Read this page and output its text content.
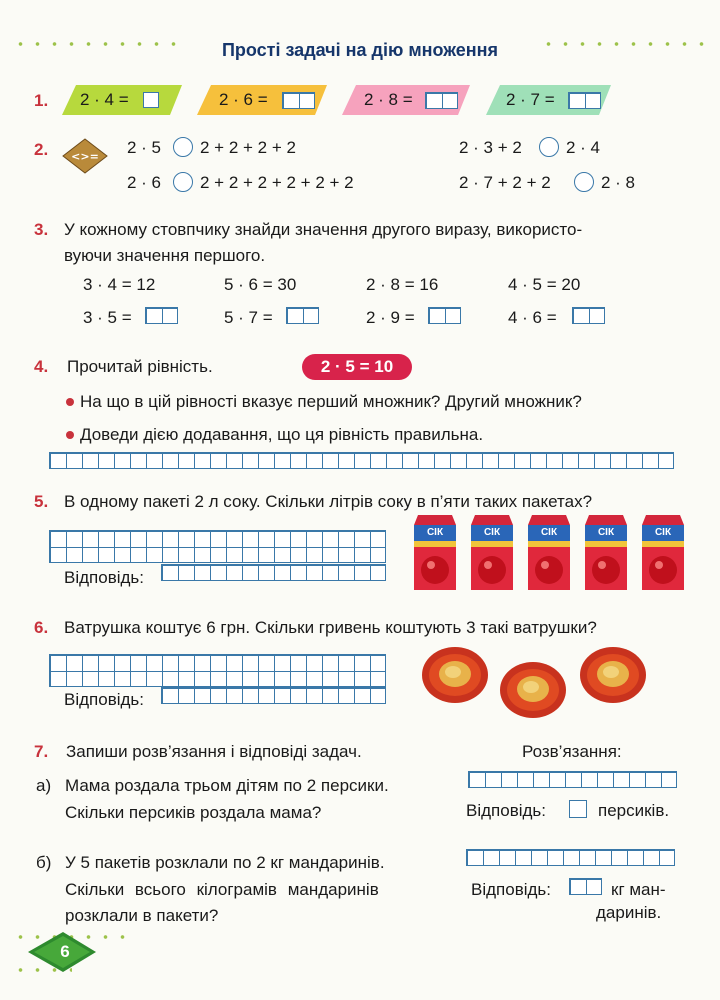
Прості задачі на дію множення
1. 2 · 4 =	2 · 6 =	2 · 8 =	2 · 7 =
2. <>= 2 · 5 2 + 2 + 2 + 2
2 · 6 2 + 2 + 2 + 2 + 2 + 2
2 · 3 + 2	2 · 4
2 · 7 + 2 + 2	2 · 8
3. У кожному стовпчику знайди значення другого виразу, використо-
вуючи значення першого.
3 · 4 = 12	5 · 6 = 30	2 · 8 = 16	4 · 5 = 20
3 · 5 =	5 · 7 =	2 · 9 =	4 · 6 =
4. Прочитай рівність.	2 · 5 = 10
На що в цій рівності вказує перший множник? Другий множник?
Доведи дією додавання, що ця рівність правильна.
5. В одному пакеті 2 л соку. Скільки літрів соку в п’яти таких пакетах?
Відповідь:
СІК	СІК	СІК	СІК	СІК
6. Ватрушка коштує 6 грн. Скільки гривень коштують 3 такі ватрушки?
Відповідь:
7. Запиши розв’язання і відповіді задач.	Розв’язання:
а) Мама роздала трьом дітям по 2 персики.
Скільки персиків роздала мама?	Відповідь:	персиків.
б) У 5 пакетів розклали по 2 кг мандаринів.
Скільки всього кілограмів мандаринів
розклали в пакети?
Відповідь:	кг ман-
даринів.
6
